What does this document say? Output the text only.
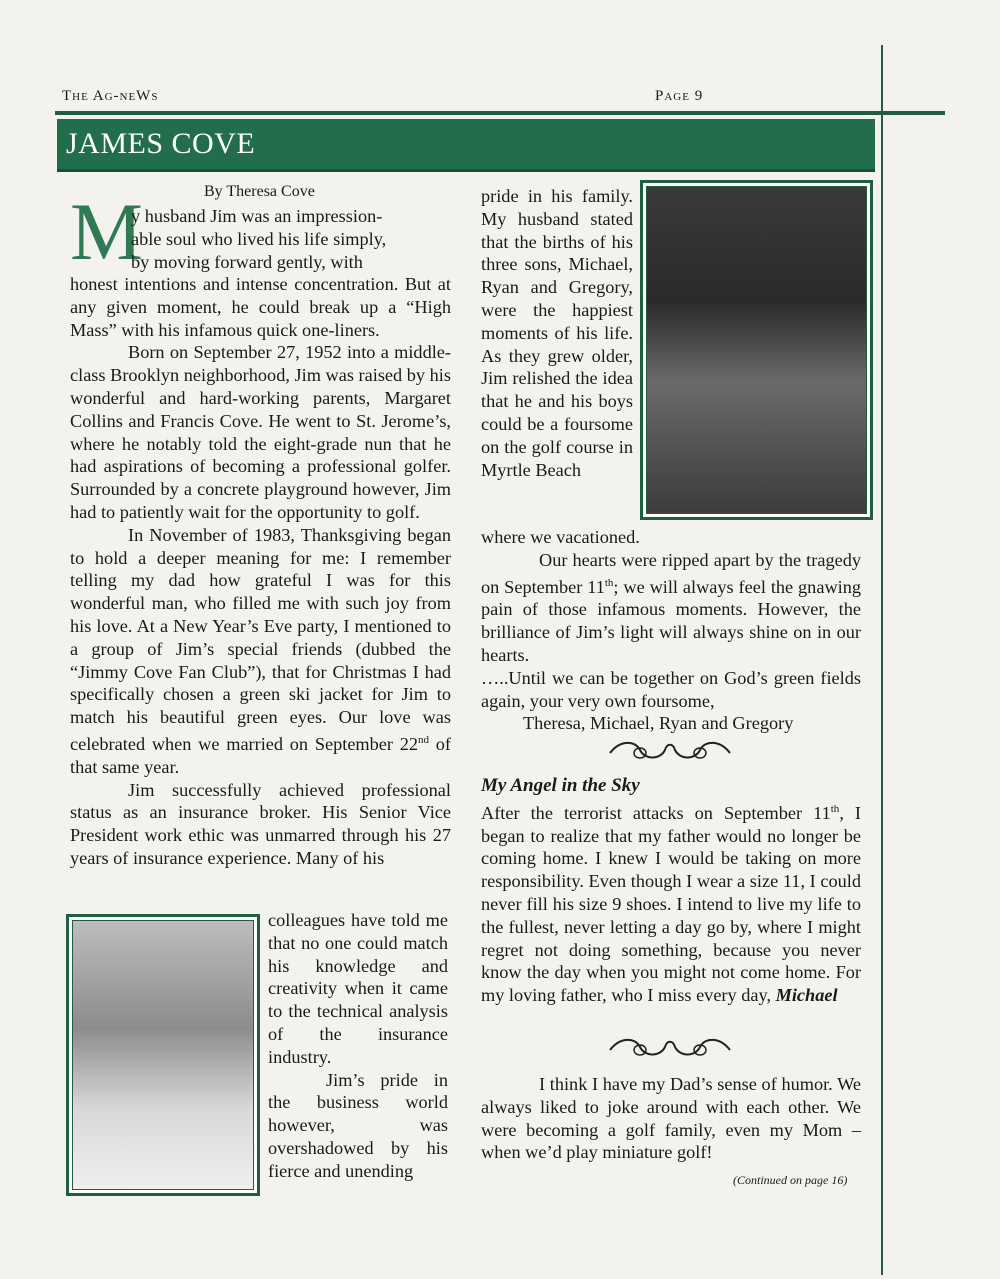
The Ag-neWs	Page 9
JAMES COVE
By Theresa Cove
M

y husband Jim was an impression-

able soul who lived his life simply,

by moving forward gently, with

honest intentions and intense concentration. But at any given moment, he could break up a “High Mass” with his infamous quick one-liners.

Born on September 27, 1952 into a middle-class Brooklyn neighborhood, Jim was raised by his wonderful and hard-working parents, Margaret Collins and Francis Cove. He went to St. Jerome’s, where he notably told the eight-grade nun that he had aspirations of becoming a professional golfer. Surrounded by a concrete playground however, Jim had to patiently wait for the opportunity to golf.

In November of 1983, Thanksgiving began to hold a deeper meaning for me: I remember telling my dad how grateful I was for this wonderful man, who filled me with such joy from his love. At a New Year’s Eve party, I mentioned to a group of Jim’s special friends (dubbed the “Jimmy Cove Fan Club”), that for Christmas I had specifically chosen a green ski jacket for Jim to match his beautiful green eyes. Our love was celebrated when we married on September 22nd of that same year.

Jim successfully achieved professional status as an insurance broker. His Senior Vice President work ethic was unmarred through his 27 years of insurance experience. Many of his

colleagues have told me that no one could match his knowledge and creativity when it came to the technical analysis of the insurance industry.

Jim’s pride in the business world however, was overshadowed by his fierce and unending

pride in his family. My husband stated that the births of his three sons, Michael, Ryan and Gregory, were the happiest moments of his life. As they grew older, Jim relished the idea that he and his boys could be a foursome on the golf course in Myrtle Beach

where we vacationed.

Our hearts were ripped apart by the tragedy on September 11th; we will always feel the gnawing pain of those infamous moments. However, the brilliance of Jim’s light will always shine on in our hearts.

…..Until we can be together on God’s green fields again, your very own foursome,

Theresa, Michael, Ryan and Gregory

My Angel in the Sky

After the terrorist attacks on September 11th, I began to realize that my father would no longer be coming home. I knew I would be taking on more responsibility. Even though I wear a size 11, I could never fill his size 9 shoes. I intend to live my life to the fullest, never letting a day go by, where I might regret not doing something, because you never know the day when you might not come home. For my loving father, who I miss every day, Michael

I think I have my Dad’s sense of humor. We always liked to joke around with each other. We were becoming a golf family, even my Mom – when we’d play miniature golf!

(Continued on page 16)
